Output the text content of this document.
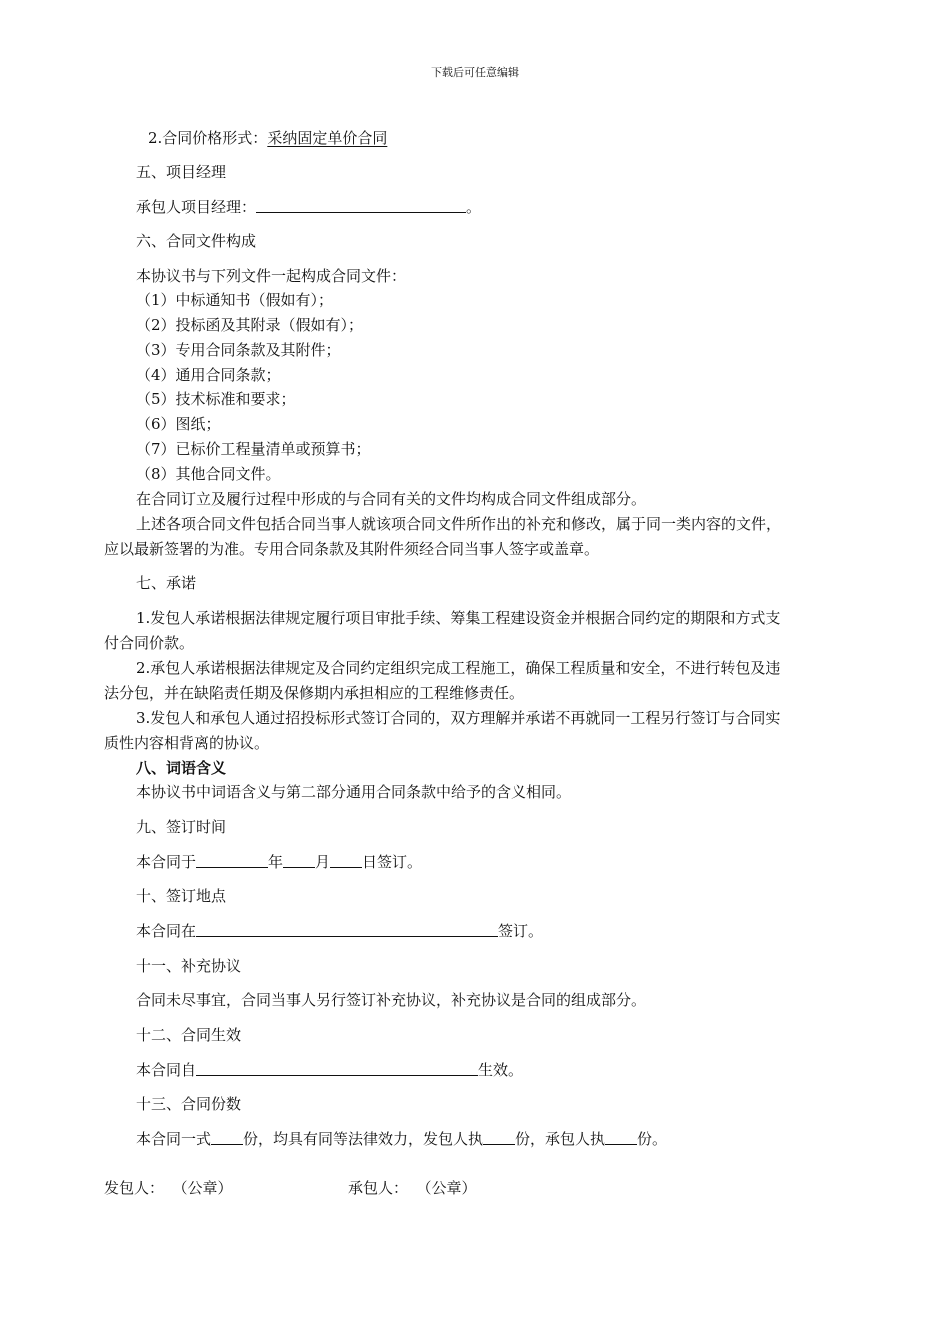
下载后可任意编辑
2.合同价格形式：采纳固定单价合同
五、项目经理
承包人项目经理：	。
六、合同文件构成
本协议书与下列文件一起构成合同文件：
（1）中标通知书（假如有）；
（2）投标函及其附录（假如有）；
（3）专用合同条款及其附件；
（4）通用合同条款；
（5）技术标准和要求；
（6）图纸；
（7）已标价工程量清单或预算书；
（8）其他合同文件。
在合同订立及履行过程中形成的与合同有关的文件均构成合同文件组成部分。
上述各项合同文件包括合同当事人就该项合同文件所作出的补充和修改，属于同一类内容的文件，
应以最新签署的为准。专用合同条款及其附件须经合同当事人签字或盖章。
七、承诺
1.发包人承诺根据法律规定履行项目审批手续、筹集工程建设资金并根据合同约定的期限和方式支
付合同价款。
2.承包人承诺根据法律规定及合同约定组织完成工程施工，确保工程质量和安全，不进行转包及违
法分包，并在缺陷责任期及保修期内承担相应的工程维修责任。
3.发包人和承包人通过招投标形式签订合同的，双方理解并承诺不再就同一工程另行签订与合同实
质性内容相背离的协议。
八、词语含义
本协议书中词语含义与第二部分通用合同条款中给予的含义相同。
九、签订时间
本合同于	年 月 日签订。
十、签订地点
本合同在	签订。
十一、补充协议
合同未尽事宜，合同当事人另行签订补充协议，补充协议是合同的组成部分。
十二、合同生效
本合同自	生效。
十三、合同份数
本合同一式 份，均具有同等法律效力，发包人执 份，承包人执 份。
发包人： （公章）	承包人： （公章）
